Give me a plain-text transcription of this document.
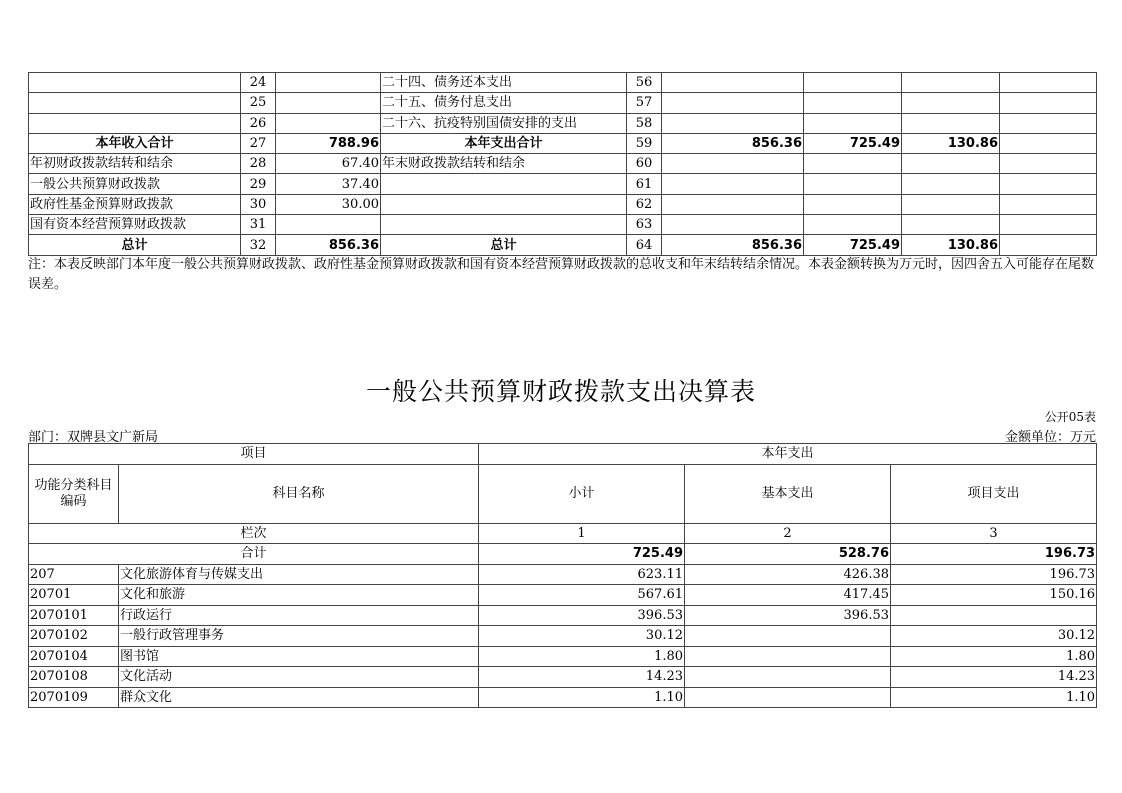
	24		二十四、债务还本支出	56				
	25		二十五、债务付息支出	57				
	26		二十六、抗疫特别国债安排的支出	58				
本年收入合计	27	788.96	本年支出合计	59	856.36	725.49	130.86	
年初财政拨款结转和结余	28	67.40	年末财政拨款结转和结余	60				
一般公共预算财政拨款	29	37.40		61				
政府性基金预算财政拨款	30	30.00		62				
国有资本经营预算财政拨款	31			63				
总计	32	856.36	总计	64	856.36	725.49	130.86	
注：本表反映部门本年度一般公共预算财政拨款、政府性基金预算财政拨款和国有资本经营预算财政拨款的总收支和年末结转结余情况。本表金额转换为万元时，因四舍五入可能存在尾数误差。
一般公共预算财政拨款支出决算表
公开05表
部门：双牌县文广新局	金额单位：万元
项目		本年支出		
功能分类科目编码	科目名称	小计	基本支出	项目支出
栏次		1	2	3
合计		725.49	528.76	196.73
207	文化旅游体育与传媒支出	623.11	426.38	196.73
20701	文化和旅游	567.61	417.45	150.16
2070101	行政运行	396.53	396.53	
2070102	一般行政管理事务	30.12		30.12
2070104	图书馆	1.80		1.80
2070108	文化活动	14.23		14.23
2070109	群众文化	1.10		1.10
